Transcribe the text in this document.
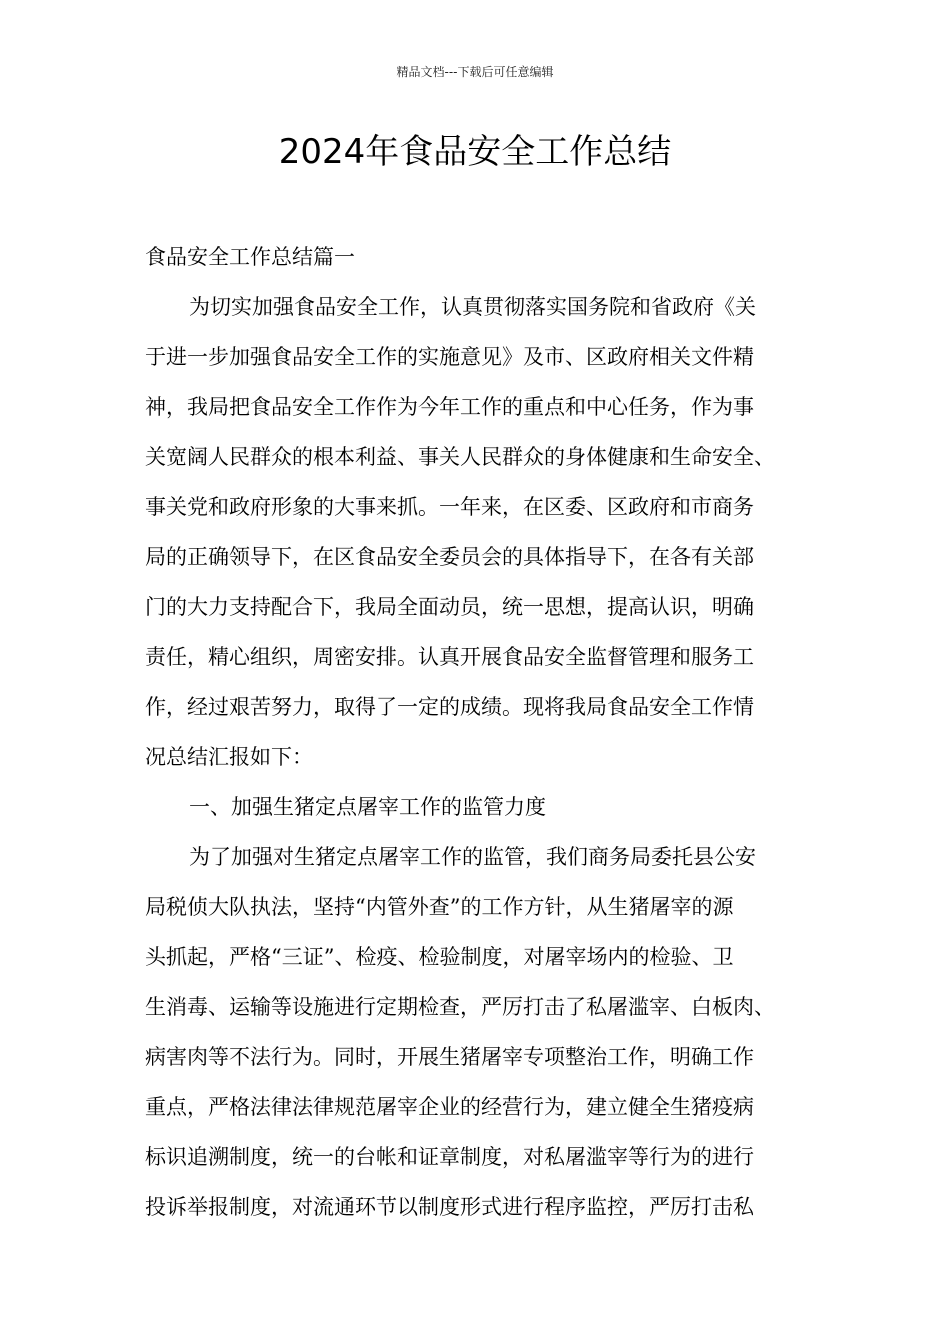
精品文档---下载后可任意编辑
2024年食品安全工作总结
食品安全工作总结篇一
为切实加强食品安全工作，认真贯彻落实国务院和省政府《关
于进一步加强食品安全工作的实施意见》及市、区政府相关文件精
神，我局把食品安全工作作为今年工作的重点和中心任务，作为事
关宽阔人民群众的根本利益、事关人民群众的身体健康和生命安全、
事关党和政府形象的大事来抓。一年来，在区委、区政府和市商务
局的正确领导下，在区食品安全委员会的具体指导下，在各有关部
门的大力支持配合下，我局全面动员，统一思想，提高认识，明确
责任，精心组织，周密安排。认真开展食品安全监督管理和服务工
作，经过艰苦努力，取得了一定的成绩。现将我局食品安全工作情
况总结汇报如下：
一、加强生猪定点屠宰工作的监管力度
为了加强对生猪定点屠宰工作的监管，我们商务局委托县公安
局税侦大队执法，坚持“内管外查”的工作方针，从生猪屠宰的源
头抓起，严格“三证”、检疫、检验制度，对屠宰场内的检验、卫
生消毒、运输等设施进行定期检查，严厉打击了私屠滥宰、白板肉、
病害肉等不法行为。同时，开展生猪屠宰专项整治工作，明确工作
重点，严格法律法律规范屠宰企业的经营行为，建立健全生猪疫病
标识追溯制度，统一的台帐和证章制度，对私屠滥宰等行为的进行
投诉举报制度，对流通环节以制度形式进行程序监控，严厉打击私
